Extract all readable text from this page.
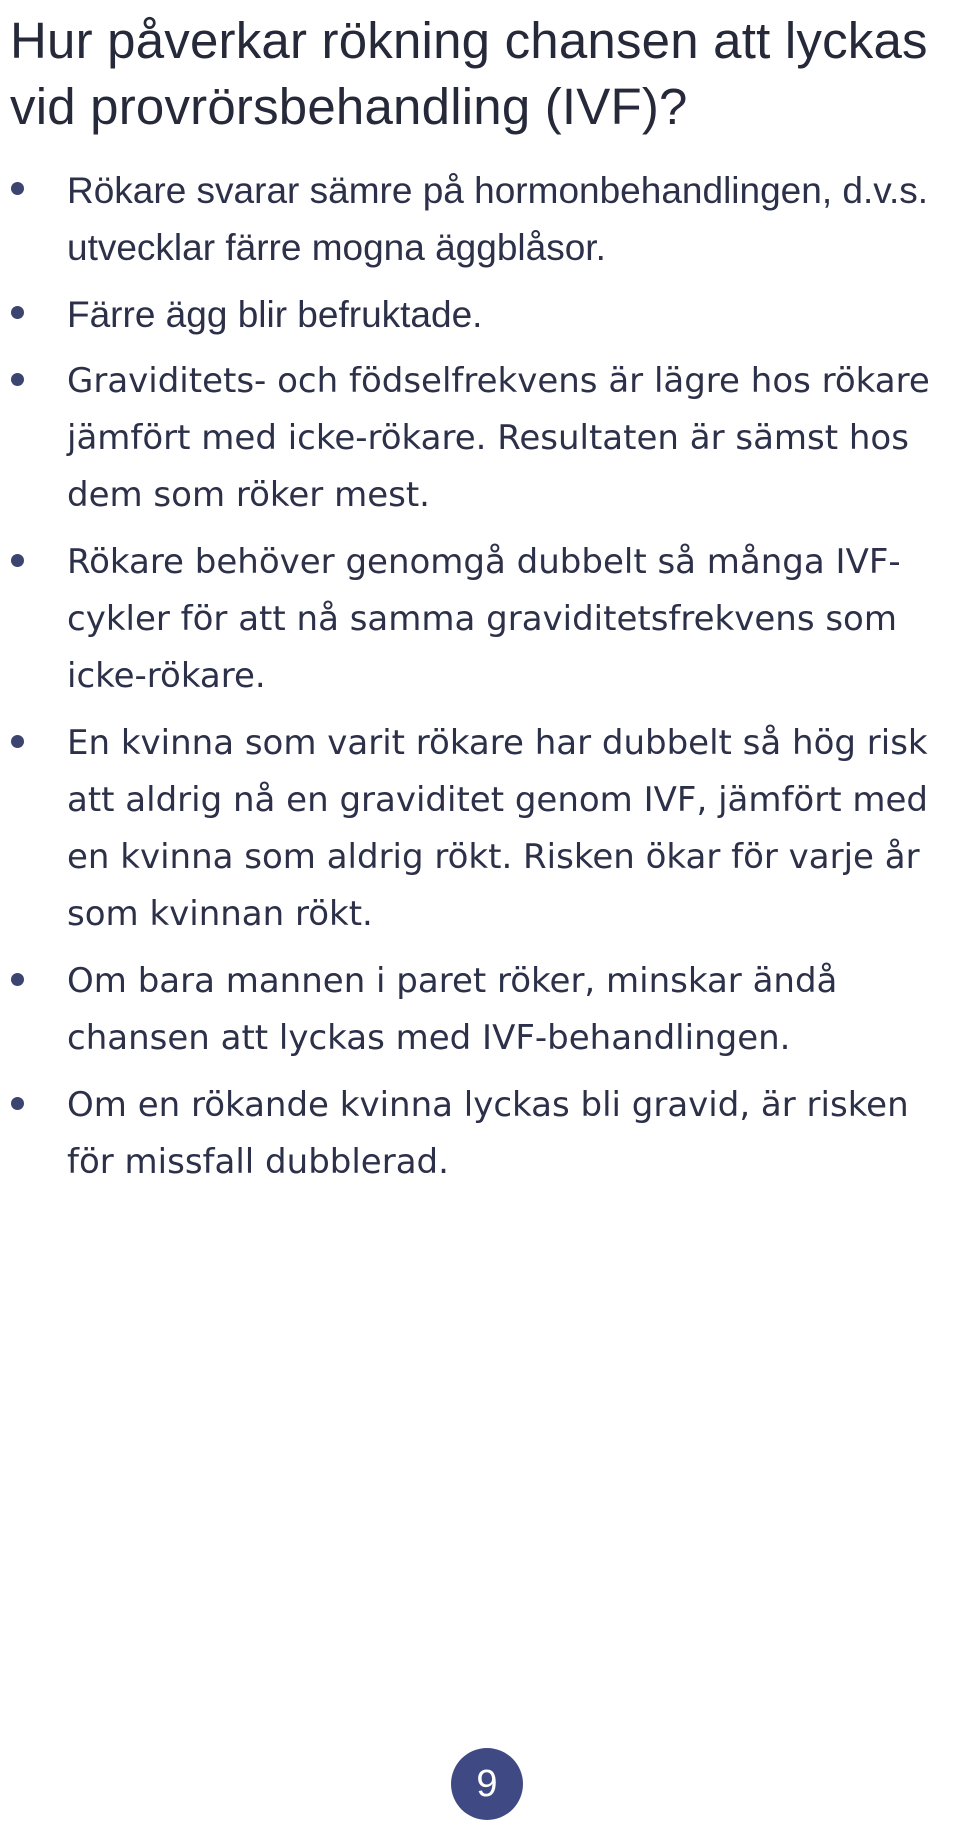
Hur påverkar rökning chansen att lyckas vid provrörsbehandling (IVF)?
Rökare svarar sämre på hormonbehandlingen, d.v.s. utvecklar färre mogna äggblåsor.
Färre ägg blir befruktade.
Graviditets- och födselfrekvens är lägre hos rökare jämfört med icke-rökare. Resultaten är sämst hos dem som röker mest.
Rökare behöver genomgå dubbelt så många IVF-cykler för att nå samma graviditetsfrekvens som icke-rökare.
En kvinna som varit rökare har dubbelt så hög risk att aldrig nå en graviditet genom IVF, jämfört med en kvinna som aldrig rökt. Risken ökar för varje år som kvinnan rökt.
Om bara mannen i paret röker, minskar ändå chansen att lyckas med IVF-behandlingen.
Om en rökande kvinna lyckas bli gravid, är risken för missfall dubblerad.
9
